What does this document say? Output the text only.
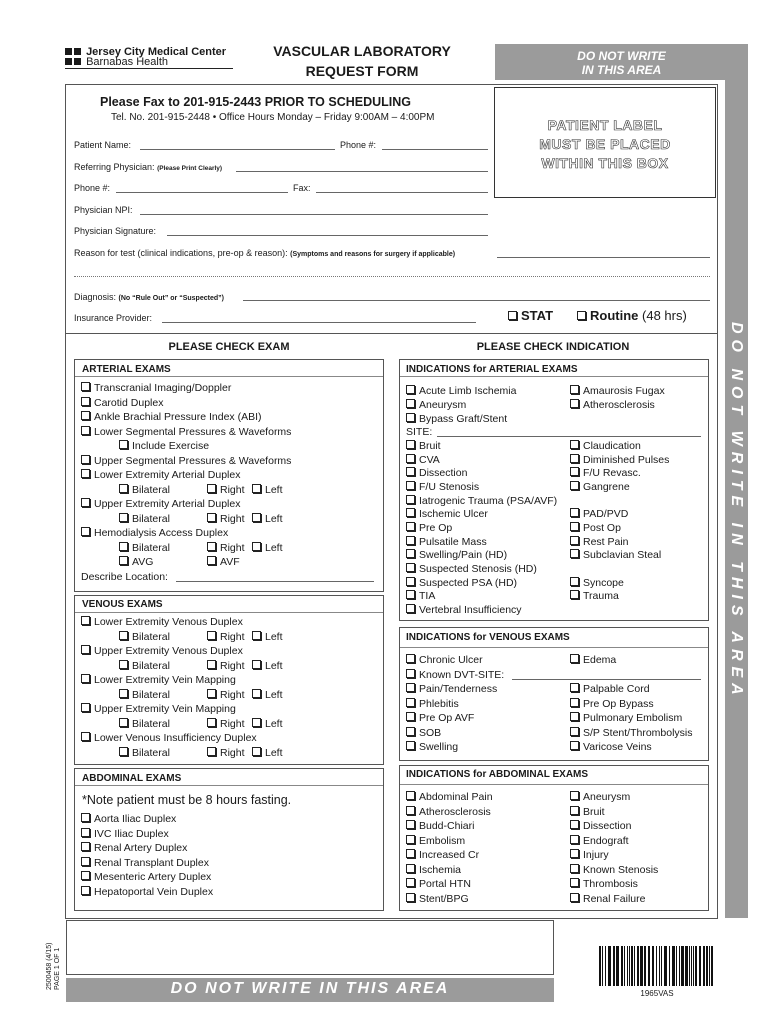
Jersey City Medical Center
Barnabas Health
VASCULAR LABORATORY
REQUEST FORM
DO NOT WRITE
IN THIS AREA
DO NOT WRITE IN THIS AREA
PATIENT LABEL
MUST BE PLACED
WITHIN THIS BOX
Please Fax to 201-915-2443 PRIOR TO SCHEDULING
Tel. No. 201-915-2448 • Office Hours Monday – Friday 9:00AM – 4:00PM
Patient Name:	Phone #:
Referring Physician: (Please Print Clearly)
Phone #:	Fax:
Physician NPI:
Physician Signature:
Reason for test (clinical indications, pre-op & reason): (Symptoms and reasons for surgery if applicable)
Diagnosis: (No “Rule Out” or “Suspected”)
Insurance Provider:	STAT	Routine (48 hrs)
PLEASE CHECK EXAM	PLEASE CHECK INDICATION
ARTERIAL EXAMS
Transcranial Imaging/Doppler
Carotid Duplex
Ankle Brachial Pressure Index (ABI)
Lower Segmental Pressures & Waveforms
Include Exercise
Upper Segmental Pressures & Waveforms
Lower Extremity Arterial Duplex
Bilateral	Right	Left
Upper Extremity Arterial Duplex
Bilateral	Right	Left
Hemodialysis Access Duplex
Bilateral	Right	Left
AVG	AVF
Describe Location:
VENOUS EXAMS
Lower Extremity Venous Duplex
Bilateral	Right	Left
Upper Extremity Venous Duplex
Bilateral	Right	Left
Lower Extremity Vein Mapping
Bilateral	Right	Left
Upper Extremity Vein Mapping
Bilateral	Right	Left
Lower Venous Insufficiency Duplex
Bilateral	Right	Left
ABDOMINAL EXAMS
*Note patient must be 8 hours fasting.
Aorta Iliac Duplex
IVC Iliac Duplex
Renal Artery Duplex
Renal Transplant Duplex
Mesenteric Artery Duplex
Hepatoportal Vein Duplex
INDICATIONS for ARTERIAL EXAMS
Acute Limb Ischemia	Amaurosis Fugax
Aneurysm	Atherosclerosis
Bypass Graft/Stent
SITE:
Bruit	Claudication
CVA	Diminished Pulses
Dissection	F/U Revasc.
F/U Stenosis	Gangrene
Iatrogenic Trauma (PSA/AVF)
Ischemic Ulcer	PAD/PVD
Pre Op	Post Op
Pulsatile Mass	Rest Pain
Swelling/Pain (HD)	Subclavian Steal
Suspected Stenosis (HD)
Suspected PSA (HD)	Syncope
TIA	Trauma
Vertebral Insufficiency
INDICATIONS for VENOUS EXAMS
Chronic Ulcer	Edema
Known DVT-SITE:
Pain/Tenderness	Palpable Cord
Phlebitis	Pre Op Bypass
Pre Op AVF	Pulmonary Embolism
SOB	S/P Stent/Thrombolysis
Swelling	Varicose Veins
INDICATIONS for ABDOMINAL EXAMS
Abdominal Pain	Aneurysm
Atherosclerosis	Bruit
Budd-Chiari	Dissection
Embolism	Endograft
Increased Cr	Injury
Ischemia	Known Stenosis
Portal HTN	Thrombosis
Stent/BPG	Renal Failure
DO NOT WRITE IN THIS AREA
2500458 (4/15) PAGE 1 OF 1
1965VAS
